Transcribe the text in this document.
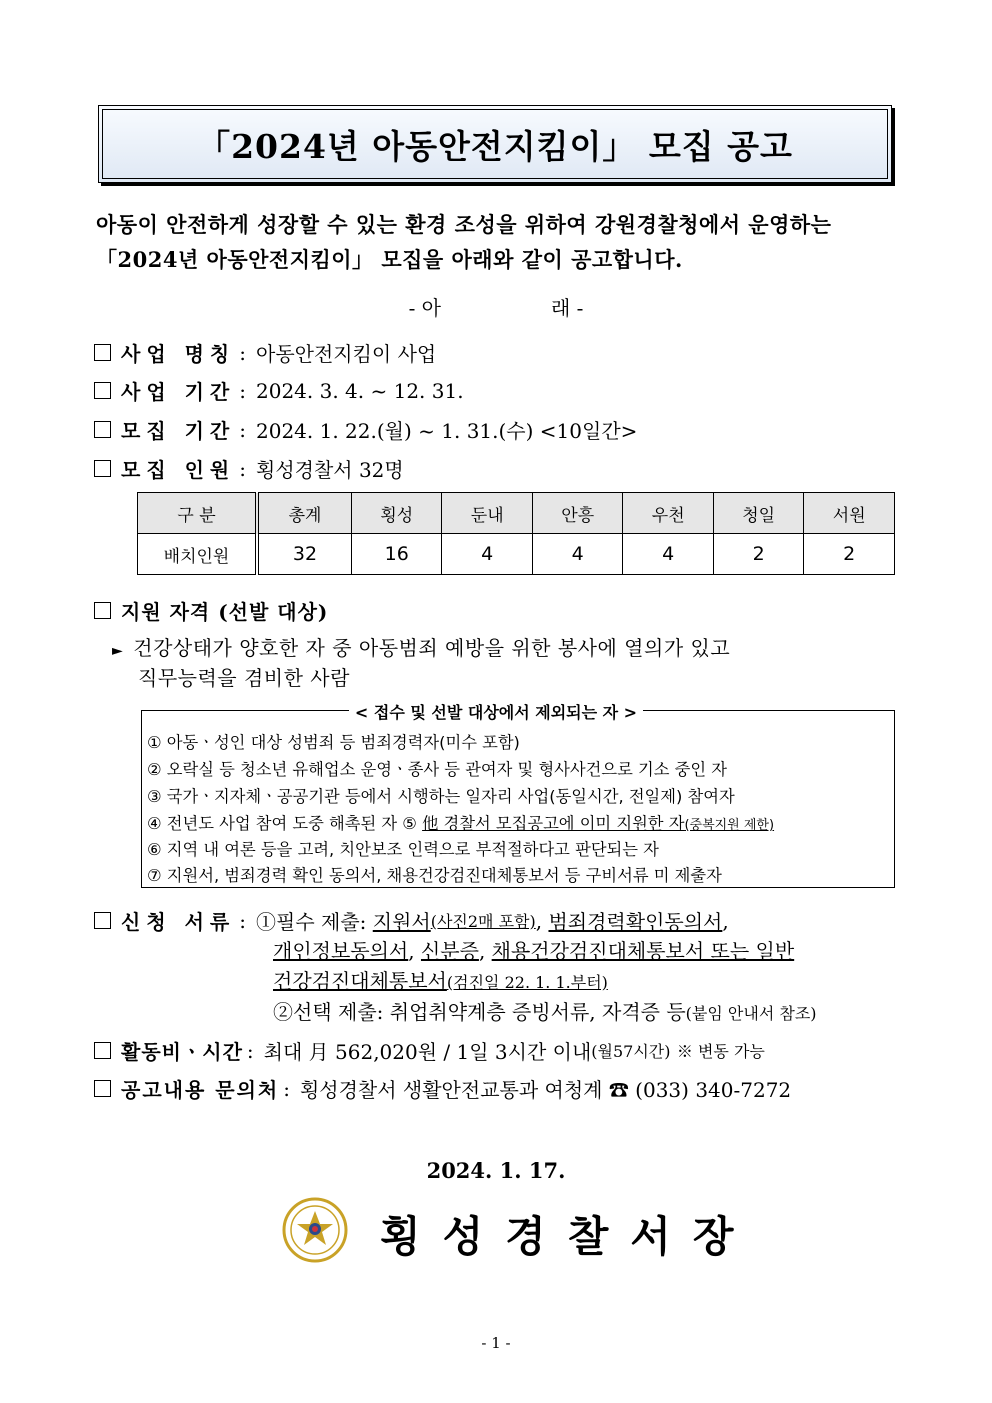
「2024년 아동안전지킴이」 모집 공고
아동이 안전하게 성장할 수 있는 환경 조성을 위하여 강원경찰청에서 운영하는
「2024년 아동안전지킴이」 모집을 아래와 같이 공고합니다.
- 아	래 -
사업 명칭 : 아동안전지킴이 사업
사업 기간 : 2024. 3. 4. ~ 12. 31.
모집 기간 : 2024. 1. 22.(월) ~ 1. 31.(수) <10일간>
모집 인원 : 횡성경찰서 32명
구 분	총계	횡성	둔내	안흥	우천	청일	서원
배치인원	32	16	4	4	4	2	2
지원 자격 (선발 대상)
► 건강상태가 양호한 자 중 아동범죄 예방을 위한 봉사에 열의가 있고
직무능력을 겸비한 사람
< 접수 및 선발 대상에서 제외되는 자 >
① 아동ㆍ성인 대상 성범죄 등 범죄경력자(미수 포함)
② 오락실 등 청소년 유해업소 운영ㆍ종사 등 관여자 및 형사사건으로 기소 중인 자
③ 국가ㆍ지자체ㆍ공공기관 등에서 시행하는 일자리 사업(동일시간, 전일제) 참여자
④ 전년도 사업 참여 도중 해촉된 자 ⑤ 他 경찰서 모집공고에 이미 지원한 자(중복지원 제한)
⑥ 지역 내 여론 등을 고려, 치안보조 인력으로 부적절하다고 판단되는 자
⑦ 지원서, 범죄경력 확인 동의서, 채용건강검진대체통보서 등 구비서류 미 제출자
신청 서류 : ①필수 제출:
지원서 (사진2매 포함) , 범죄경력확인동의서 ,
개인정보동의서, 신분증, 채용건강검진대체통보서 또는 일반
건강검진대체통보서(검진일 22. 1. 1.부터)
②선택 제출: 취업취약계층 증빙서류, 자격증 등(붙임 안내서 참조)
활동비ㆍ시간 : 최대 月 562,020원 / 1일 3시간 이내 (월57시간)
※ 변동 가능
공고내용 문의처 : 횡성경찰서 생활안전교통과 여청계 ☎ (033) 340-7272
2024. 1. 17.
횡성경찰서장
- 1 -
